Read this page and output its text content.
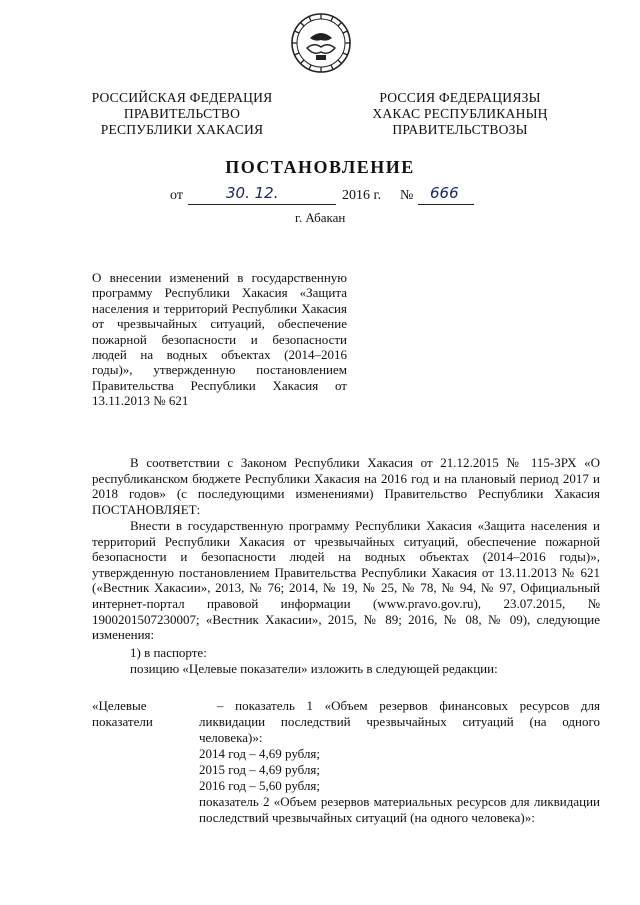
РОССИЙСКАЯ ФЕДЕРАЦИЯ
ПРАВИТЕЛЬСТВО
РЕСПУБЛИКИ ХАКАСИЯ
РОССИЯ ФЕДЕРАЦИЯЗЫ
ХАКАС РЕСПУБЛИКАНЫҢ
ПРАВИТЕЛЬСТВОЗЫ
ПОСТАНОВЛЕНИЕ
от	30. 12.	2016 г. № 666
г. Абакан
О внесении изменений в государственную программу Республики Хакасия «Защита населения и территорий Республики Хакасия от чрезвычайных ситуаций, обеспечение пожарной безопасности и безопасности людей на водных объектах (2014–2016 годы)», утвержденную постановлением Правительства Республики Хакасия от 13.11.2013 № 621

В соответствии с Законом Республики Хакасия от 21.12.2015 № 115-ЗРХ «О республиканском бюджете Республики Хакасия на 2016 год и на плановый период 2017 и 2018 годов» (с последующими изменениями) Правительство Республики Хакасия ПОСТАНОВЛЯЕТ:

Внести в государственную программу Республики Хакасия «Защита населения и территорий Республики Хакасия от чрезвычайных ситуаций, обеспечение пожарной безопасности и безопасности людей на водных объектах (2014–2016 годы)», утвержденную постановлением Правительства Республики Хакасия от 13.11.2013 № 621 («Вестник Хакасии», 2013, № 76; 2014, № 19, № 25, № 78, № 94, № 97, Официальный интернет-портал правовой информации (www.pravo.gov.ru), 23.07.2015, № 1900201507230007; «Вестник Хакасии», 2015, № 89; 2016, № 08, № 09), следующие изменения:

1) в паспорте:

позицию «Целевые показатели» изложить в следующей редакции:

«Целевые показатели

– показатель 1 «Объем резервов финансовых ресурсов для ликвидации последствий чрезвычайных ситуаций (на одного человека)»:

2014 год – 4,69 рубля;

2015 год – 4,69 рубля;

2016 год – 5,60 рубля;

показатель 2 «Объем резервов материальных ресурсов для ликвидации последствий чрезвычайных ситуаций (на одного человека)»:
